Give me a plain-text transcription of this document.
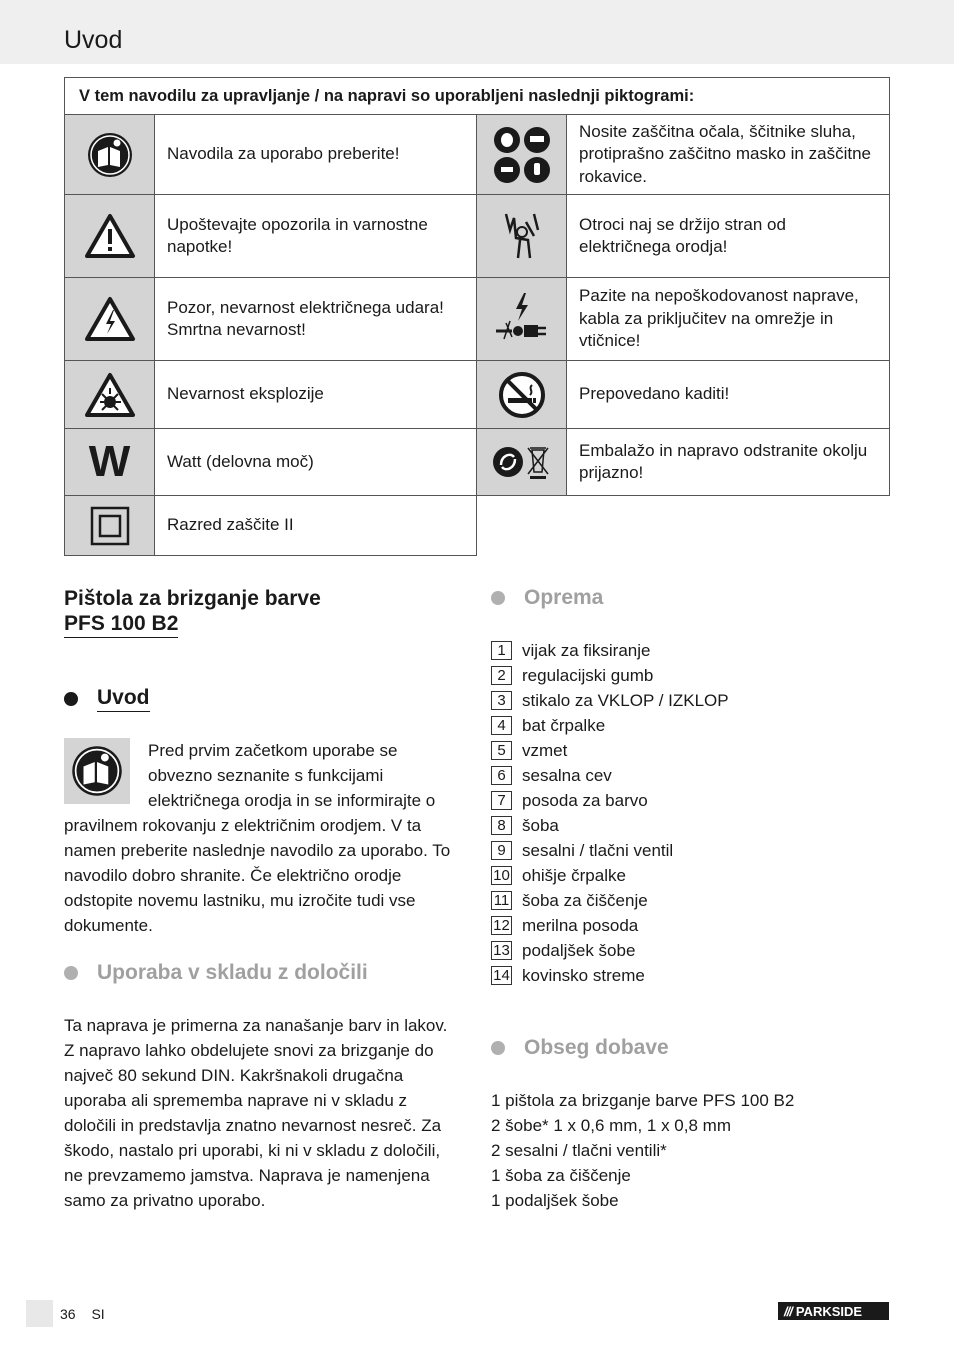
Uvod
V tem navodilu za upravljanje / na napravi so uporabljeni naslednji piktogrami:			

	Navodila za uporabo preberite!		Nosite zaščitna očala, ščitnike sluha, protiprašno zaščitno masko in zaščitne rokavice.

	Upoštevajte opozorila in varnostne napotke!		Otroci naj se držijo stran od električnega orodja!

	Pozor, nevarnost električnega udara! Smrtna nevarnost!		Pazite na nepoškodovanost naprave, kabla za priključitev na omrežje in vtičnice!

	Nevarnost eksplozije		Prepovedano kaditi!
W	Watt (delovna moč)		Embalažo in napravo odstranite okolju prijazno!

	Razred zaščite II		
Pištola za brizganje barve
PFS 100 B2
Uvod
Pred prvim začetkom uporabe se obvezno seznanite s funkcijami električnega orodja in se informirajte o pravilnem rokovanju z električnim orodjem. V ta namen preberite naslednje navodilo za uporabo. To navodilo dobro shranite. Če električno orodje odstopite novemu lastniku, mu izročite tudi vse dokumente.
Uporaba v skladu z določili
Ta naprava je primerna za nanašanje barv in lakov. Z napravo lahko obdelujete snovi za brizganje do največ 80 sekund DIN. Kakršnakoli drugačna uporaba ali sprememba naprave ni v skladu z določili in predstavlja znatno nevarnost nesreč. Za škodo, nastalo pri uporabi, ki ni v skladu z določili, ne prevzamemo jamstva. Naprava je namenjena samo za privatno uporabo.
Oprema
1 vijak za fiksiranje
2 regulacijski gumb
3 stikalo za VKLOP / IZKLOP
4 bat črpalke
5 vzmet
6 sesalna cev
7 posoda za barvo
8 šoba
9 sesalni / tlačni ventil
10 ohišje črpalke
11 šoba za čiščenje
12 merilna posoda
13 podaljšek šobe
14 kovinsko streme
Obseg dobave
1 pištola za brizganje barve PFS 100 B2
2 šobe* 1 x 0,6 mm, 1 x 0,8 mm
2 sesalni / tlačni ventili*
1 šoba za čiščenje
1 podaljšek šobe
36 SI	/// PARKSIDE
